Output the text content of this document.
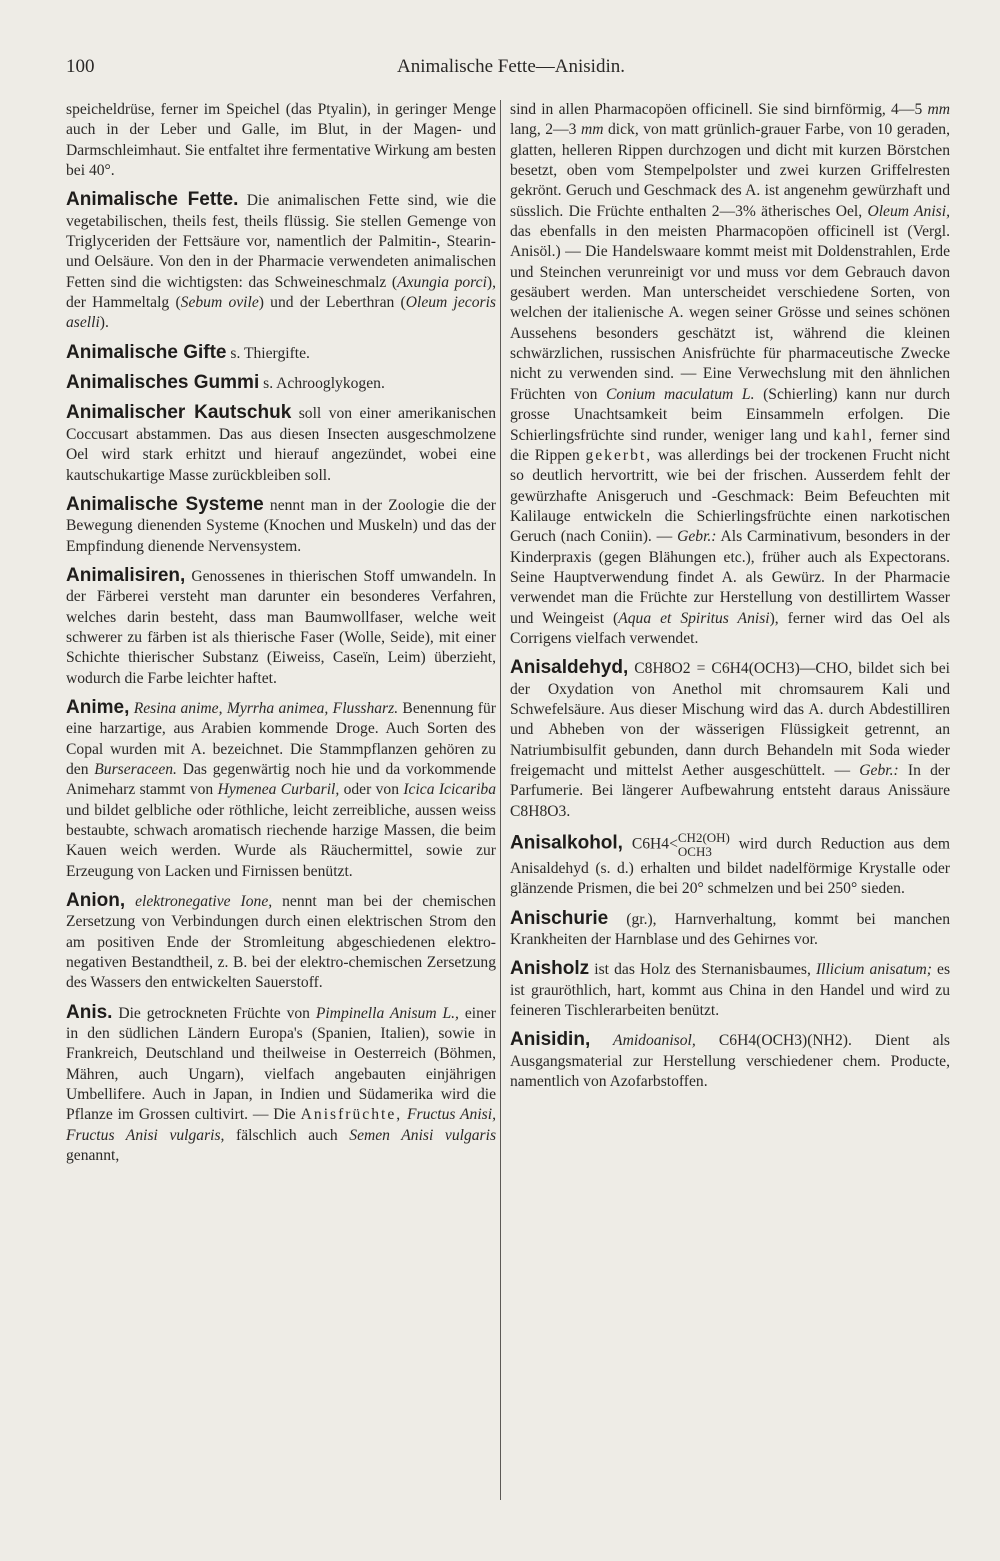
100	Animalische Fette—Anisidin.

speicheldrüse, ferner im Speichel (das Ptyalin), in geringer Menge auch in der Leber und Galle, im Blut, in der Magen- und Darmschleimhaut. Sie entfaltet ihre fermentative Wirkung am besten bei 40°.

Animalische Fette. Die animalischen Fette sind, wie die vegetabilischen, theils fest, theils flüssig. Sie stellen Gemenge von Triglyceriden der Fettsäure vor, namentlich der Palmitin-, Stearin- und Oelsäure. Von den in der Pharmacie verwendeten animalischen Fetten sind die wichtigsten: das Schweineschmalz (Axungia porci), der Hammeltalg (Sebum ovile) und der Leberthran (Oleum jecoris aselli).

Animalische Gifte s. Thiergifte.

Animalisches Gummi s. Achrooglykogen.

Animalischer Kautschuk soll von einer amerikanischen Coccusart abstammen. Das aus diesen Insecten ausgeschmolzene Oel wird stark erhitzt und hierauf angezündet, wobei eine kautschukartige Masse zurückbleiben soll.

Animalische Systeme nennt man in der Zoologie die der Bewegung dienenden Systeme (Knochen und Muskeln) und das der Empfindung dienende Nervensystem.

Animalisiren, Genossenes in thierischen Stoff umwandeln. In der Färberei versteht man darunter ein besonderes Verfahren, welches darin besteht, dass man Baumwollfaser, welche weit schwerer zu färben ist als thierische Faser (Wolle, Seide), mit einer Schichte thierischer Substanz (Eiweiss, Caseïn, Leim) überzieht, wodurch die Farbe leichter haftet.

Anime, Resina anime, Myrrha animea, Flussharz. Benennung für eine harzartige, aus Arabien kommende Droge. Auch Sorten des Copal wurden mit A. bezeichnet. Die Stammpflanzen gehören zu den Burseraceen. Das gegenwärtig noch hie und da vorkommende Animeharz stammt von Hymenea Curbaril, oder von Icica Icicariba und bildet gelbliche oder röthliche, leicht zerreibliche, aussen weiss bestaubte, schwach aromatisch riechende harzige Massen, die beim Kauen weich werden. Wurde als Räuchermittel, sowie zur Erzeugung von Lacken und Firnissen benützt.

Anion, elektronegative Ione, nennt man bei der chemischen Zersetzung von Verbindungen durch einen elektrischen Strom den am positiven Ende der Stromleitung abgeschiedenen elektro-negativen Bestandtheil, z. B. bei der elektro-chemischen Zersetzung des Wassers den entwickelten Sauerstoff.

Anis. Die getrockneten Früchte von Pimpinella Anisum L., einer in den südlichen Ländern Europa's (Spanien, Italien), sowie in Frankreich, Deutschland und theilweise in Oesterreich (Böhmen, Mähren, auch Ungarn), vielfach angebauten einjährigen Umbellifere. Auch in Japan, in Indien und Südamerika wird die Pflanze im Grossen cultivirt. — Die Anisfrüchte, Fructus Anisi, Fructus Anisi vulgaris, fälschlich auch Semen Anisi vulgaris genannt,

sind in allen Pharmacopöen officinell. Sie sind birnförmig, 4—5 mm lang, 2—3 mm dick, von matt grünlich-grauer Farbe, von 10 geraden, glatten, helleren Rippen durchzogen und dicht mit kurzen Börstchen besetzt, oben vom Stempelpolster und zwei kurzen Griffelresten gekrönt. Geruch und Geschmack des A. ist angenehm gewürzhaft und süsslich. Die Früchte enthalten 2—3% ätherisches Oel, Oleum Anisi, das ebenfalls in den meisten Pharmacopöen officinell ist (Vergl. Anisöl.) — Die Handelswaare kommt meist mit Doldenstrahlen, Erde und Steinchen verunreinigt vor und muss vor dem Gebrauch davon gesäubert werden. Man unterscheidet verschiedene Sorten, von welchen der italienische A. wegen seiner Grösse und seines schönen Aussehens besonders geschätzt ist, während die kleinen schwärzlichen, russischen Anisfrüchte für pharmaceutische Zwecke nicht zu verwenden sind. — Eine Verwechslung mit den ähnlichen Früchten von Conium maculatum L. (Schierling) kann nur durch grosse Unachtsamkeit beim Einsammeln erfolgen. Die Schierlingsfrüchte sind runder, weniger lang und kahl, ferner sind die Rippen gekerbt, was allerdings bei der trockenen Frucht nicht so deutlich hervortritt, wie bei der frischen. Ausserdem fehlt der gewürzhafte Anisgeruch und -Geschmack: Beim Befeuchten mit Kalilauge entwickeln die Schierlingsfrüchte einen narkotischen Geruch (nach Coniin). — Gebr.: Als Carminativum, besonders in der Kinderpraxis (gegen Blähungen etc.), früher auch als Expectorans. Seine Hauptverwendung findet A. als Gewürz. In der Pharmacie verwendet man die Früchte zur Herstellung von destillirtem Wasser und Weingeist (Aqua et Spiritus Anisi), ferner wird das Oel als Corrigens vielfach verwendet.

Anisaldehyd, C8H8O2 = C6H4(OCH3)—CHO, bildet sich bei der Oxydation von Anethol mit chromsaurem Kali und Schwefelsäure. Aus dieser Mischung wird das A. durch Abdestilliren und Abheben von der wässerigen Flüssigkeit getrennt, an Natriumbisulfit gebunden, dann durch Behandeln mit Soda wieder freigemacht und mittelst Aether ausgeschüttelt. — Gebr.: In der Parfumerie. Bei längerer Aufbewahrung entsteht daraus Anissäure C8H8O3.

Anisalkohol, C6H4< CH2(OH)
OCH3	wird durch Reduction aus dem Anisaldehyd (s. d.) erhalten und bildet nadelförmige Krystalle oder glänzende Prismen, die bei 20° schmelzen und bei 250° sieden.

Anischurie (gr.), Harnverhaltung, kommt bei manchen Krankheiten der Harnblase und des Gehirnes vor.

Anisholz ist das Holz des Sternanisbaumes, Illicium anisatum; es ist grauröthlich, hart, kommt aus China in den Handel und wird zu feineren Tischlerarbeiten benützt.

Anisidin, Amidoanisol, C6H4(OCH3)(NH2). Dient als Ausgangsmaterial zur Herstellung verschiedener chem. Producte, namentlich von Azofarbstoffen.
